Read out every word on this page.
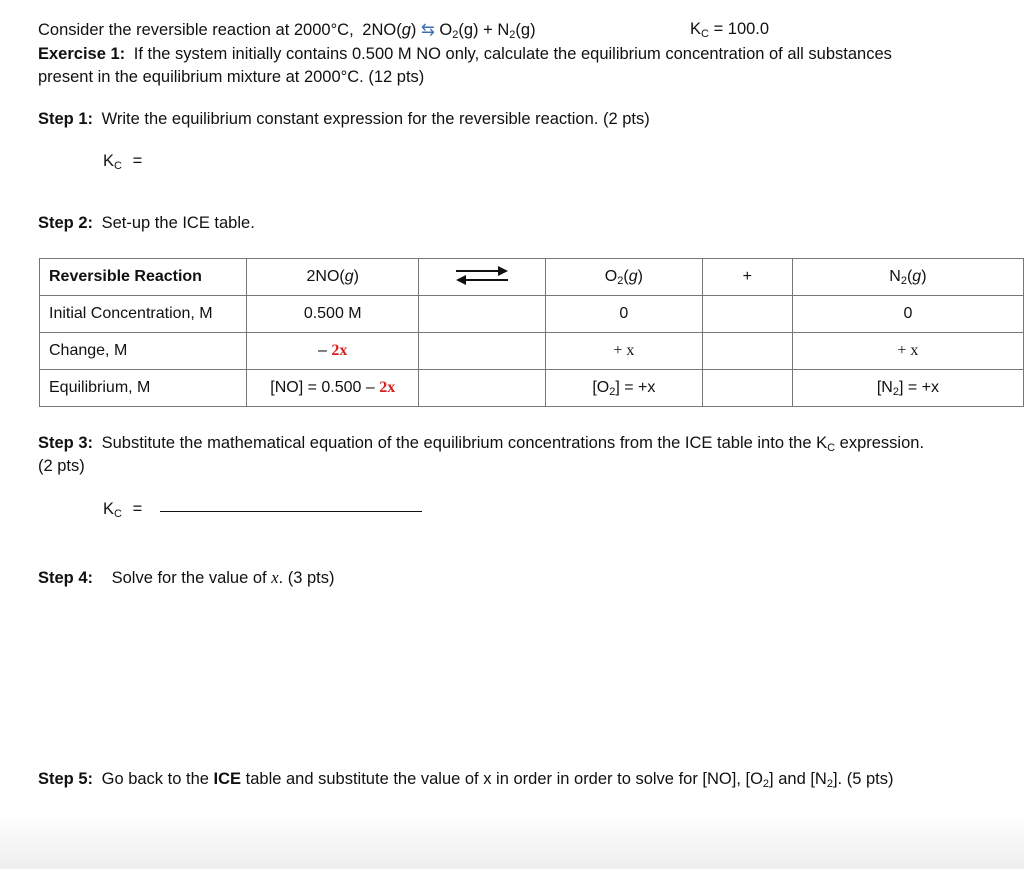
Consider the reversible reaction at 2000°C, 2NO(g) ⇆ $O_2(g) + N_2(g)$	$K_C = 100.0$
Exercise 1: If the system initially contains 0.500 M NO only, calculate the equilibrium concentration of all substances
present in the equilibrium mixture at 2000°C. (12 pts)
Step 1: Write the equilibrium constant expression for the reversible reaction. (2 pts)
$K_C$ =
Step 2: Set-up the ICE table.
Reversible Reaction	2NO(g)		$O_2(g)$	+	$N_2(g)$
Initial Concentration, M	0.500 M		0		0
Change, M	– 2x		+ x		+ x
Equilibrium, M	[NO] = 0.500 – 2x		$[O_2] = +x$		$[N_2] = +x$
Step 3: Substitute the mathematical equation of the equilibrium concentrations from the ICE table into the $K_C$ expression.
(2 pts)
$K_C$ =
Step 4: Solve for the value of x. (3 pts)
Step 5: Go back to the ICE table and substitute the value of x in order in order to solve for [NO], $[O_2]$ and $[N_2]$. (5 pts)
